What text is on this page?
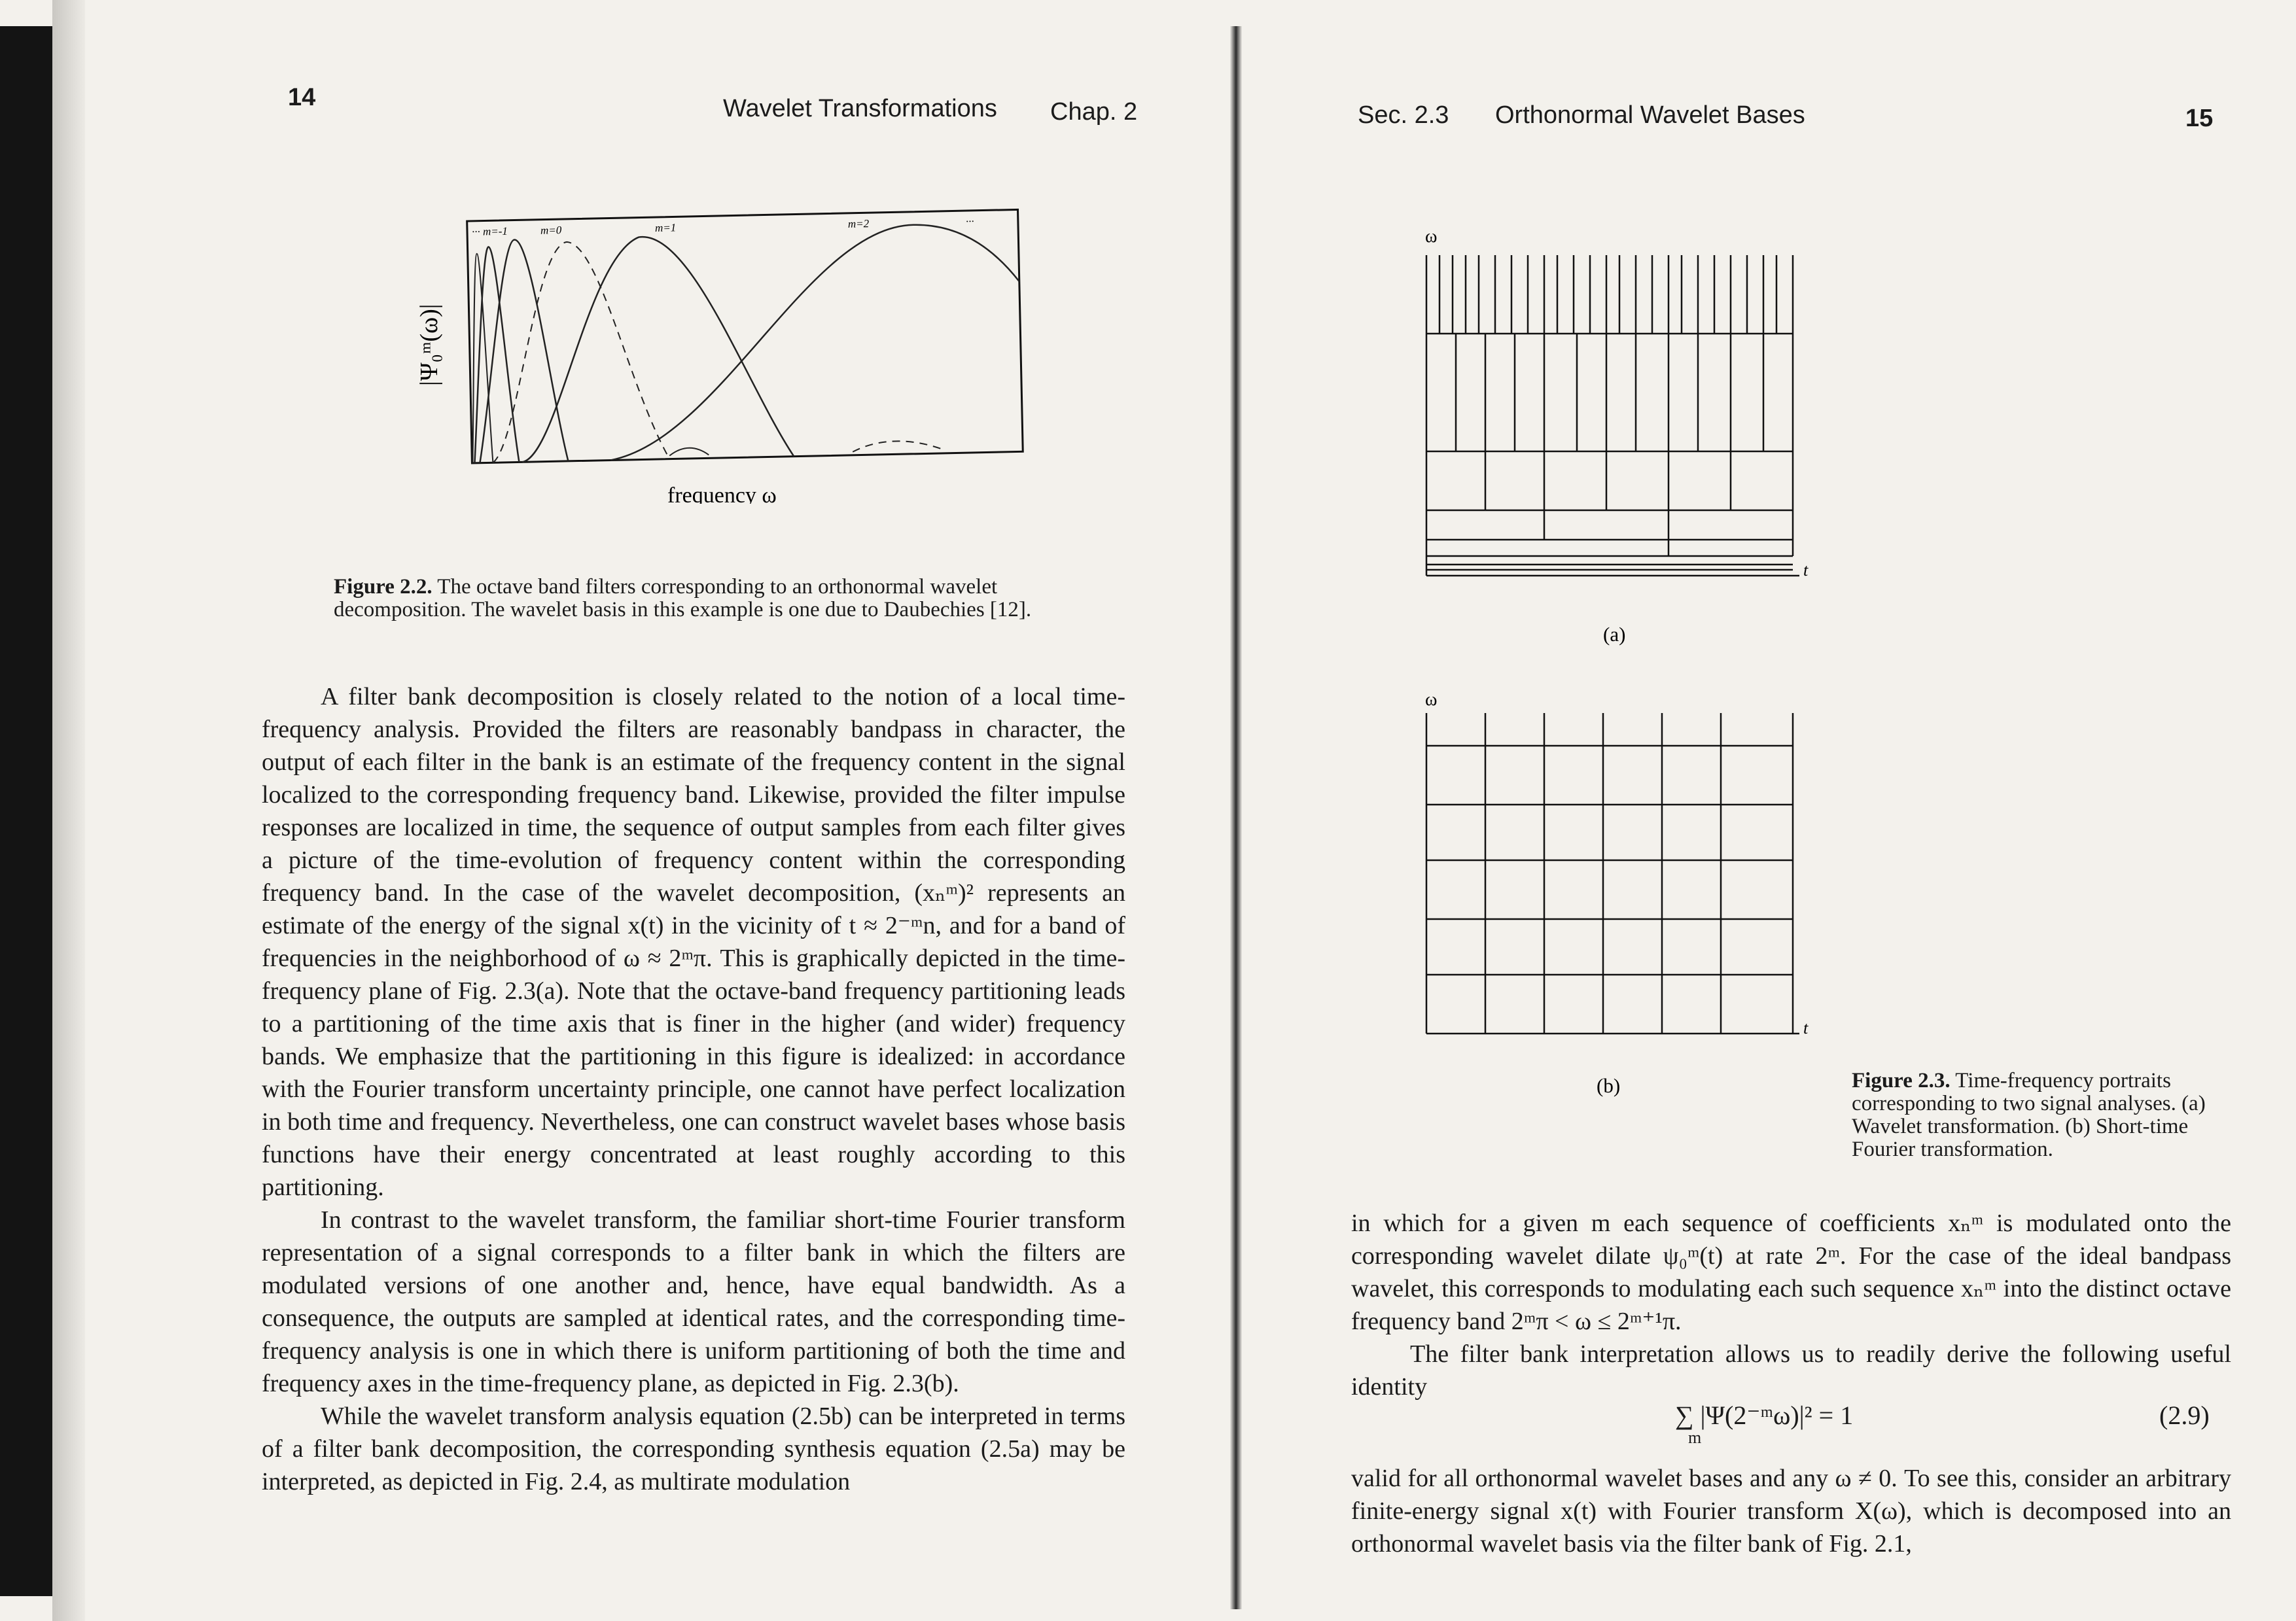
14	Wavelet Transformations Chap. 2
··· m=-1	m=0	m=1	m=2	···
|Ψ₀ᵐ(ω)|
frequency ω
Figure 2.2. The octave band filters corresponding to an orthonormal wavelet decomposition. The wavelet basis in this example is one due to Daubechies [12].

A filter bank decomposition is closely related to the notion of a local time-frequency analysis. Provided the filters are reasonably bandpass in character, the output of each filter in the bank is an estimate of the frequency content in the signal localized to the corresponding frequency band. Likewise, provided the filter impulse responses are localized in time, the sequence of output samples from each filter gives a picture of the time-evolution of frequency content within the corresponding frequency band. In the case of the wavelet decomposition, (xₙᵐ)² represents an estimate of the energy of the signal x(t) in the vicinity of t ≈ 2⁻ᵐn, and for a band of frequencies in the neighborhood of ω ≈ 2ᵐπ. This is graphically depicted in the time-frequency plane of Fig. 2.3(a). Note that the octave-band frequency partitioning leads to a partitioning of the time axis that is finer in the higher (and wider) frequency bands. We emphasize that the partitioning in this figure is idealized: in accordance with the Fourier transform uncertainty principle, one cannot have perfect localization in both time and frequency. Nevertheless, one can construct wavelet bases whose basis functions have their energy concentrated at least roughly according to this partitioning.

In contrast to the wavelet transform, the familiar short-time Fourier transform representation of a signal corresponds to a filter bank in which the filters are modulated versions of one another and, hence, have equal bandwidth. As a consequence, the outputs are sampled at identical rates, and the corresponding time-frequency analysis is one in which there is uniform partitioning of both the time and frequency axes in the time-frequency plane, as depicted in Fig. 2.3(b).

While the wavelet transform analysis equation (2.5b) can be interpreted in terms of a filter bank decomposition, the corresponding synthesis equation (2.5a) may be interpreted, as depicted in Fig. 2.4, as multirate modulation

Sec. 2.3 Orthonormal Wavelet Bases	15
ω
t
(a)
ω
t
(b)	Figure 2.3. Time-frequency portraits corresponding to two signal analyses. (a) Wavelet transformation. (b) Short-time Fourier transformation.

in which for a given m each sequence of coefficients xₙᵐ is modulated onto the corresponding wavelet dilate ψ₀ᵐ(t) at rate 2ᵐ. For the case of the ideal bandpass wavelet, this corresponds to modulating each such sequence xₙᵐ into the distinct octave frequency band 2ᵐπ < ω ≤ 2ᵐ⁺¹π.

The filter bank interpretation allows us to readily derive the following useful identity

∑ |Ψ(2⁻ᵐω)|² = 1
m
(2.9)

valid for all orthonormal wavelet bases and any ω ≠ 0. To see this, consider an arbitrary finite-energy signal x(t) with Fourier transform X(ω), which is decomposed into an orthonormal wavelet basis via the filter bank of Fig. 2.1,
